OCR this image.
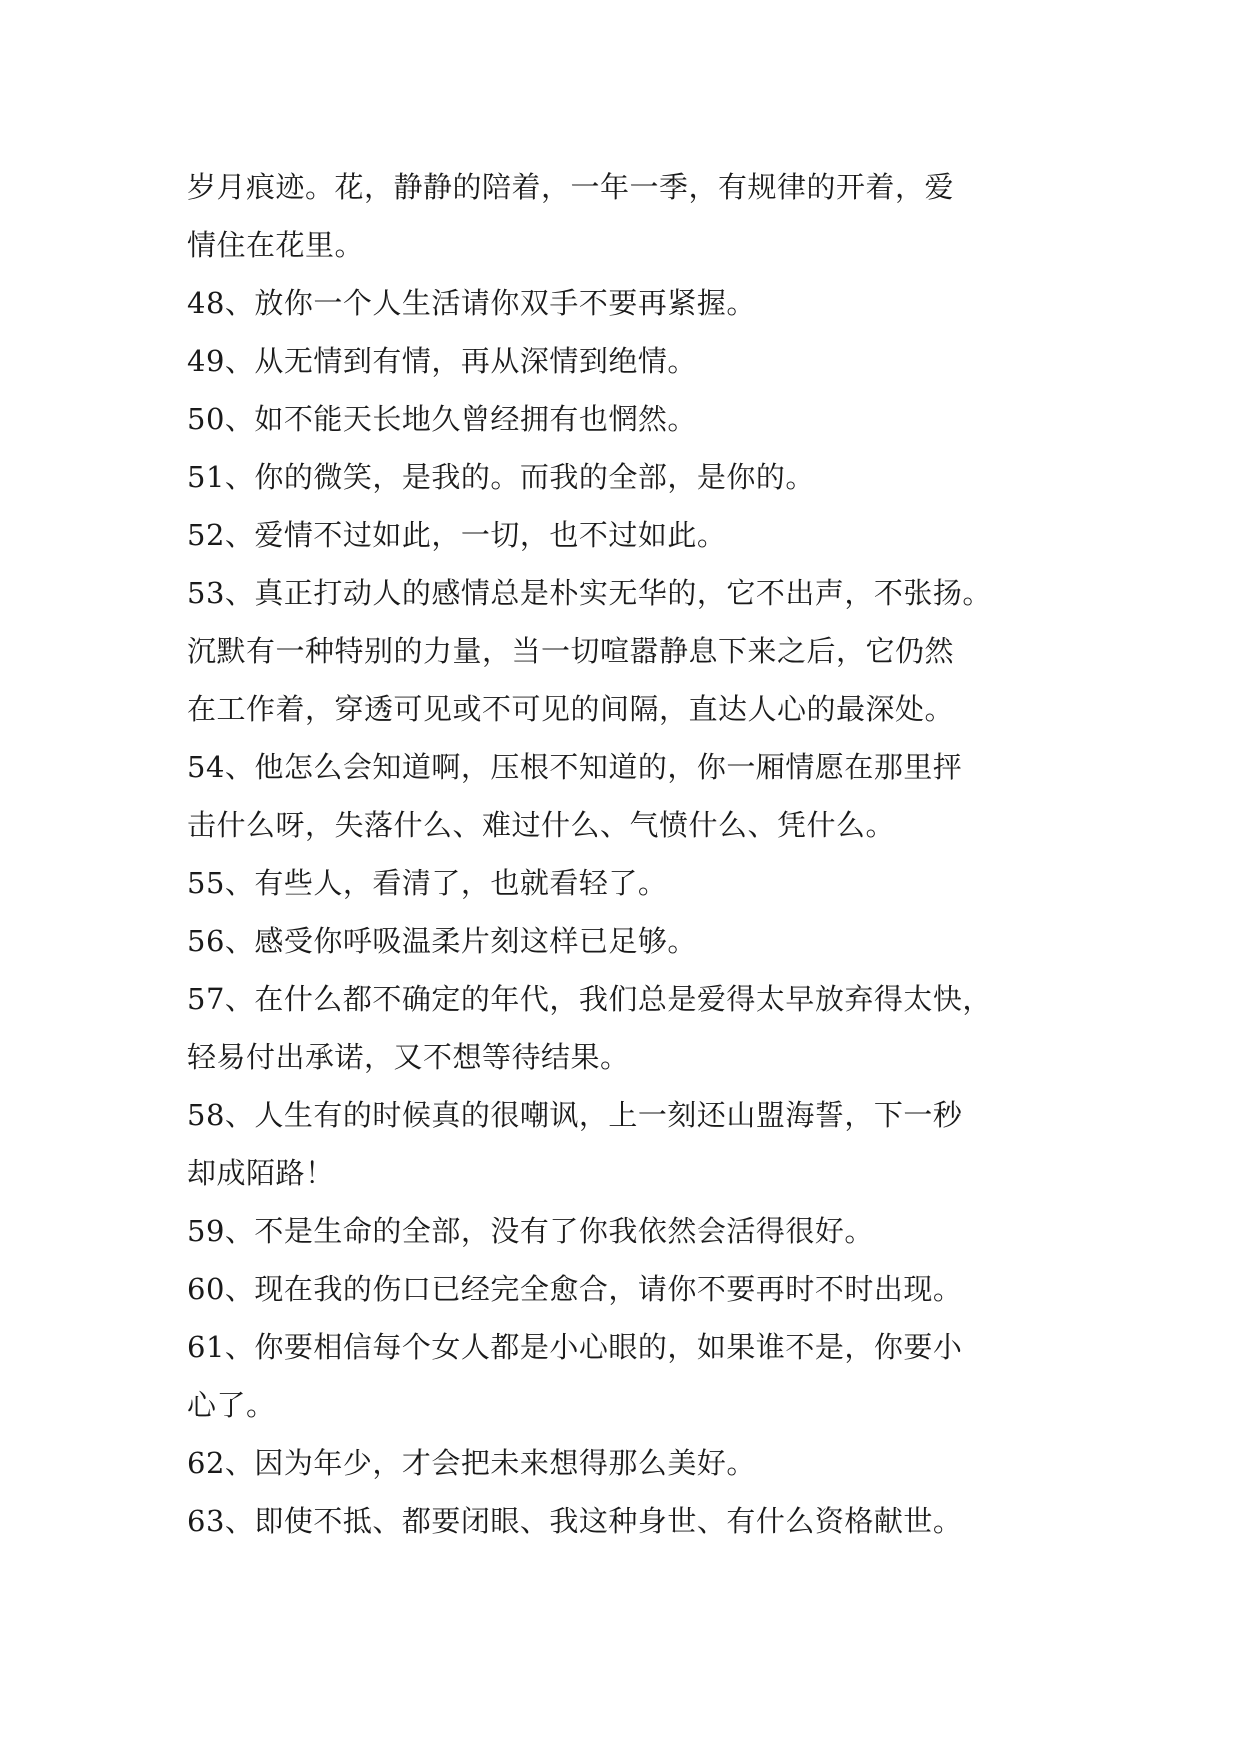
岁月痕迹。花，静静的陪着，一年一季，有规律的开着，爱
情住在花里。
48、放你一个人生活请你双手不要再紧握。
49、从无情到有情，再从深情到绝情。
50、如不能天长地久曾经拥有也惘然。
51、你的微笑，是我的。而我的全部，是你的。
52、爱情不过如此，一切，也不过如此。
53、真正打动人的感情总是朴实无华的，它不出声，不张扬。
沉默有一种特别的力量，当一切喧嚣静息下来之后，它仍然
在工作着，穿透可见或不可见的间隔，直达人心的最深处。
54、他怎么会知道啊，压根不知道的，你一厢情愿在那里抨
击什么呀，失落什么、难过什么、气愤什么、凭什么。
55、有些人，看清了，也就看轻了。
56、感受你呼吸温柔片刻这样已足够。
57、在什么都不确定的年代，我们总是爱得太早放弃得太快，
轻易付出承诺，又不想等待结果。
58、人生有的时候真的很嘲讽，上一刻还山盟海誓，下一秒
却成陌路！
59、不是生命的全部，没有了你我依然会活得很好。
60、现在我的伤口已经完全愈合，请你不要再时不时出现。
61、你要相信每个女人都是小心眼的，如果谁不是，你要小
心了。
62、因为年少，才会把未来想得那么美好。
63、即使不抵、都要闭眼、我这种身世、有什么资格献世。
